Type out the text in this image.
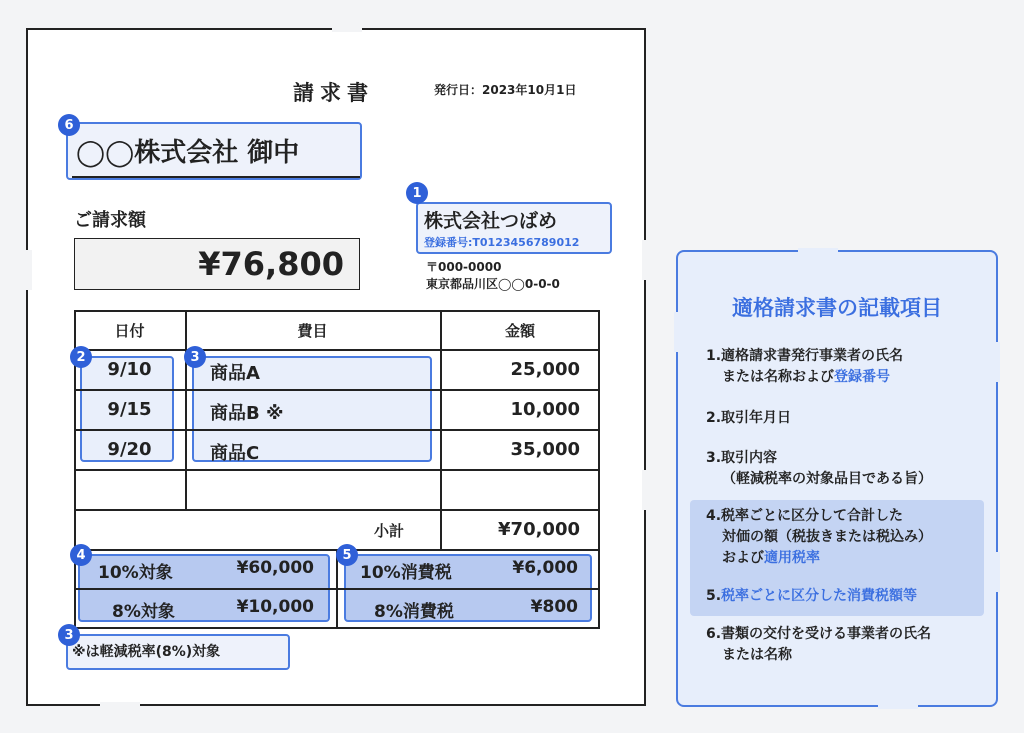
請求書	発行日：2023年10月1日
◯◯株式会社 御中
6
ご請求額
¥76,800
株式会社つばめ
登録番号:T0123456789012
1
〒000-0000
東京都品川区◯◯0-0-0
日付	費目	金額
9/10	商品A	25,000
9/15	商品B ※	10,000
9/20	商品C	35,000
小計	¥70,000
10%対象	¥60,000	10%消費税	¥6,000
8%対象	¥10,000	8%消費税	¥800
2	3
4	5
※は軽減税率(8%)対象
3
適格請求書の記載項目
1.適格請求書発行事業者の氏名
または名称および登録番号
2.取引年月日
3.取引内容
（軽減税率の対象品目である旨）
4.税率ごとに区分して合計した
対価の額（税抜きまたは税込み）
および適用税率
5.税率ごとに区分した消費税額等
6.書類の交付を受ける事業者の氏名
または名称
